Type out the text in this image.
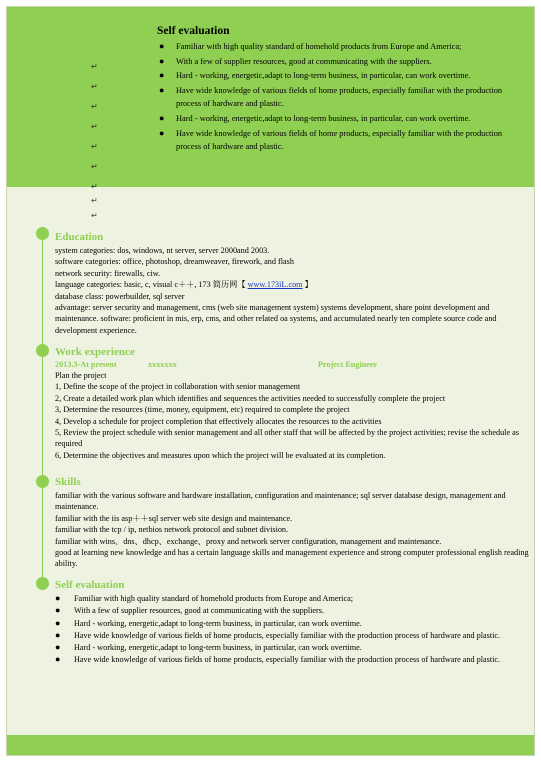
↵
↵
↵
↵
↵
↵
↵
Self evaluation
● Familiar with high quality standard of homehold products from Europe and America;
● With a few of supplier resources, good at communicating with the suppliers.
● Hard - working, energetic,adapt to long-term business, in particular, can work overtime.
● Have wide knowledge of various fields of home products, especially familiar with the production process of hardware and plastic.
● Hard - working, energetic,adapt to long-term business, in particular, can work overtime.
● Have wide knowledge of various fields of home products, especially familiar with the production process of hardware and plastic.
↵
↵
Education

system categories: dos, windows, nt server, server 2000and 2003.

software categories: office, photoshop, dreamweaver, firework, and flash

network security: firewalls, ciw.

language categories: basic, c, visual c＋＋, 173 简历网【 www.173iL.com 】

database class: powerbuilder, sql server

advantage: server security and management, cms (web site management system) systems development, share point development and maintenance. software: proficient in mis, erp, cms, and other related oa systems, and accumulated nearly ten complete source code and development experience.

Work experience
2013.3-At present	xxxxxxx	Project Engineer

Plan the project

1, Define the scope of the project in collaboration with senior management

2, Create a detailed work plan which identifies and sequences the activities needed to successfully complete the project

3, Determine the resources (time, money, equipment, etc) required to complete the project

4, Develop a schedule for project completion that effectively allocates the resources to the activities

5, Review the project schedule with senior management and all other staff that will be affected by the project activities; revise the schedule as required

6, Determine the objectives and measures upon which the project will be evaluated at its completion.

Skills

familiar with the various software and hardware installation, configuration and maintenance; sql server database design, management and maintenance.

familiar with the iis asp＋＋sql server web site design and maintenance.

familiar with the tcp / ip, netbios network protocol and subnet division.

familiar with wins、dns、dhcp、exchange、proxy and network server configuration, management and maintenance.

good at learning new knowledge and has a certain language skills and management experience and strong computer professional english reading ability.

Self evaluation
● Familiar with high quality standard of homehold products from Europe and America;
● With a few of supplier resources, good at communicating with the suppliers.
● Hard - working, energetic,adapt to long-term business, in particular, can work overtime.
● Have wide knowledge of various fields of home products, especially familiar with the production process of hardware and plastic.
● Hard - working, energetic,adapt to long-term business, in particular, can work overtime.
● Have wide knowledge of various fields of home products, especially familiar with the production process of hardware and plastic.
